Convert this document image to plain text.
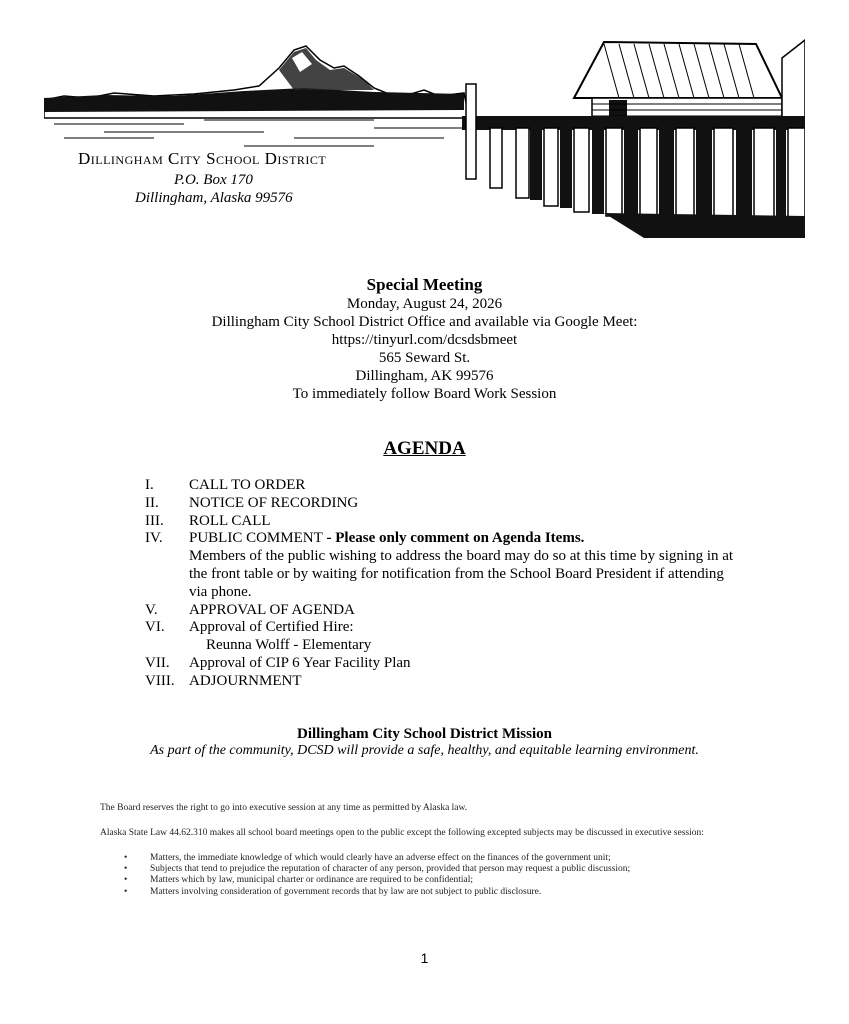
Dillingham City School District
P.O. Box 170
Dillingham, Alaska 99576
Special Meeting
Monday, August 24, 2026
Dillingham City School District Office and available via Google Meet:
https://tinyurl.com/dcsdsbmeet
565 Seward St.
Dillingham, AK 99576
To immediately follow Board Work Session
AGENDA
I.	CALL TO ORDER
II.	NOTICE OF RECORDING
III.	ROLL CALL
IV.	PUBLIC COMMENT - Please only comment on Agenda Items.
Members of the public wishing to address the board may do so at this time by signing in at the front table or by waiting for notification from the School Board President if attending via phone.
V.	APPROVAL OF AGENDA
VI.	Approval of Certified Hire:
Reunna Wolff - Elementary
VII.	Approval of CIP 6 Year Facility Plan
VIII. ADJOURNMENT
Dillingham City School District Mission
As part of the community, DCSD will provide a safe, healthy, and equitable learning environment.
The Board reserves the right to go into executive session at any time as permitted by Alaska law.
Alaska State Law 44.62.310 makes all school board meetings open to the public except the following excepted subjects may be discussed in executive session:
•	Matters, the immediate knowledge of which would clearly have an adverse effect on the finances of the government unit;
•	Subjects that tend to prejudice the reputation of character of any person, provided that person may request a public discussion;
•	Matters which by law, municipal charter or ordinance are required to be confidential;
•	Matters involving consideration of government records that by law are not subject to public disclosure.
1
